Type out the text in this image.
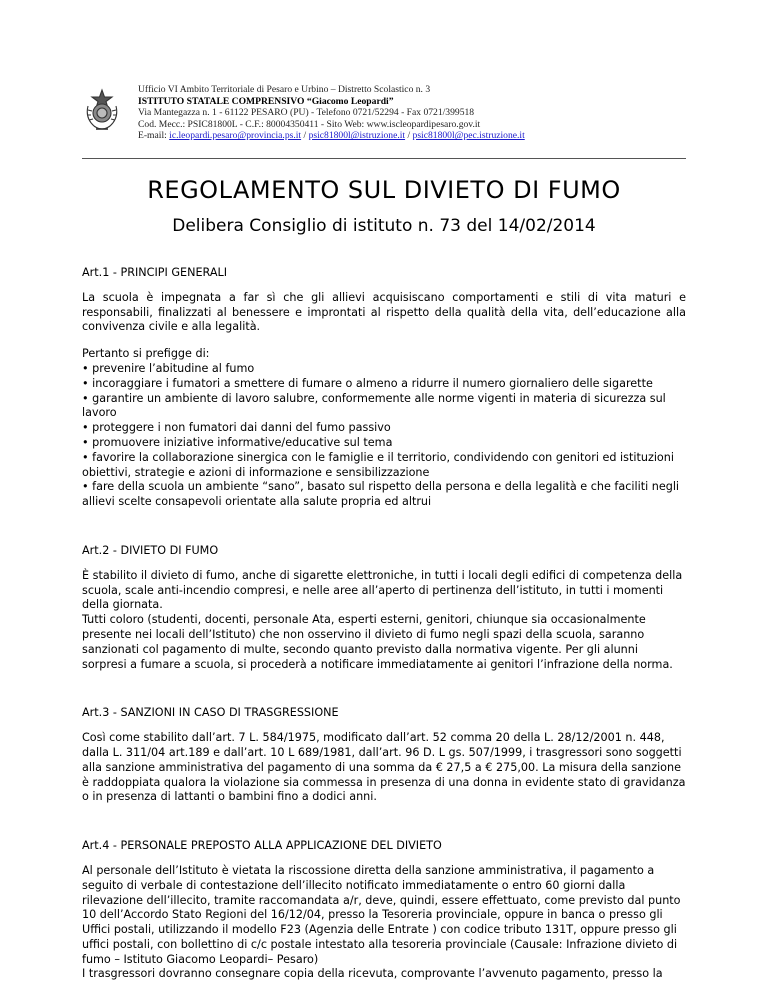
Ufficio VI Ambito Territoriale di Pesaro e Urbino – Distretto Scolastico n. 3
ISTITUTO STATALE COMPRENSIVO “Giacomo Leopardi”
Via Mantegazza n. 1 - 61122 PESARO (PU) - Telefono 0721/52294 - Fax 0721/399518
Cod. Mecc.: PSIC81800L - C.F.: 80004350411 - Sito Web: www.iscleopardipesaro.gov.it
E-mail: ic.leopardi.pesaro@provincia.ps.it / psic81800l@istruzione.it / psic81800l@pec.istruzione.it
REGOLAMENTO SUL DIVIETO DI FUMO
Delibera Consiglio di istituto n. 73 del 14/02/2014

Art.1 - PRINCIPI GENERALI

La scuola è impegnata a far sì che gli allievi acquisiscano comportamenti e stili di vita maturi e responsabili, finalizzati al benessere e improntati al rispetto della qualità della vita, dell’educazione alla convivenza civile e alla legalità.

Pertanto si prefigge di:

• prevenire l’abitudine al fumo

• incoraggiare i fumatori a smettere di fumare o almeno a ridurre il numero giornaliero delle sigarette

• garantire un ambiente di lavoro salubre, conformemente alle norme vigenti in materia di sicurezza sul lavoro

• proteggere i non fumatori dai danni del fumo passivo

• promuovere iniziative informative/educative sul tema

• favorire la collaborazione sinergica con le famiglie e il territorio, condividendo con genitori ed istituzioni obiettivi, strategie e azioni di informazione e sensibilizzazione

• fare della scuola un ambiente “sano”, basato sul rispetto della persona e della legalità e che faciliti negli allievi scelte consapevoli orientate alla salute propria ed altrui

Art.2 - DIVIETO DI FUMO

È stabilito il divieto di fumo, anche di sigarette elettroniche, in tutti i locali degli edifici di competenza della scuola, scale anti-incendio compresi, e nelle aree all’aperto di pertinenza dell’istituto, in tutti i momenti della giornata.

Tutti coloro (studenti, docenti, personale Ata, esperti esterni, genitori, chiunque sia occasionalmente presente nei locali dell’Istituto) che non osservino il divieto di fumo negli spazi della scuola, saranno sanzionati col pagamento di multe, secondo quanto previsto dalla normativa vigente. Per gli alunni sorpresi a fumare a scuola, si procederà a notificare immediatamente ai genitori l’infrazione della norma.

Art.3 - SANZIONI IN CASO DI TRASGRESSIONE

Così come stabilito dall’art. 7 L. 584/1975, modificato dall’art. 52 comma 20 della L. 28/12/2001 n. 448, dalla L. 311/04 art.189 e dall’art. 10 L 689/1981, dall’art. 96 D. L gs. 507/1999, i trasgressori sono soggetti alla sanzione amministrativa del pagamento di una somma da € 27,5 a € 275,00. La misura della sanzione è raddoppiata qualora la violazione sia commessa in presenza di una donna in evidente stato di gravidanza o in presenza di lattanti o bambini fino a dodici anni.

Art.4 - PERSONALE PREPOSTO ALLA APPLICAZIONE DEL DIVIETO

Al personale dell’Istituto è vietata la riscossione diretta della sanzione amministrativa, il pagamento a seguito di verbale di contestazione dell’illecito notificato immediatamente o entro 60 giorni dalla rilevazione dell’illecito, tramite raccomandata a/r, deve, quindi, essere effettuato, come previsto dal punto 10 dell’Accordo Stato Regioni del 16/12/04, presso la Tesoreria provinciale, oppure in banca o presso gli Uffici postali, utilizzando il modello F23 (Agenzia delle Entrate ) con codice tributo 131T, oppure presso gli uffici postali, con bollettino di c/c postale intestato alla tesoreria provinciale (Causale: Infrazione divieto di fumo – Istituto Giacomo Leopardi– Pesaro)

I trasgressori dovranno consegnare copia della ricevuta, comprovante l’avvenuto pagamento, presso la
